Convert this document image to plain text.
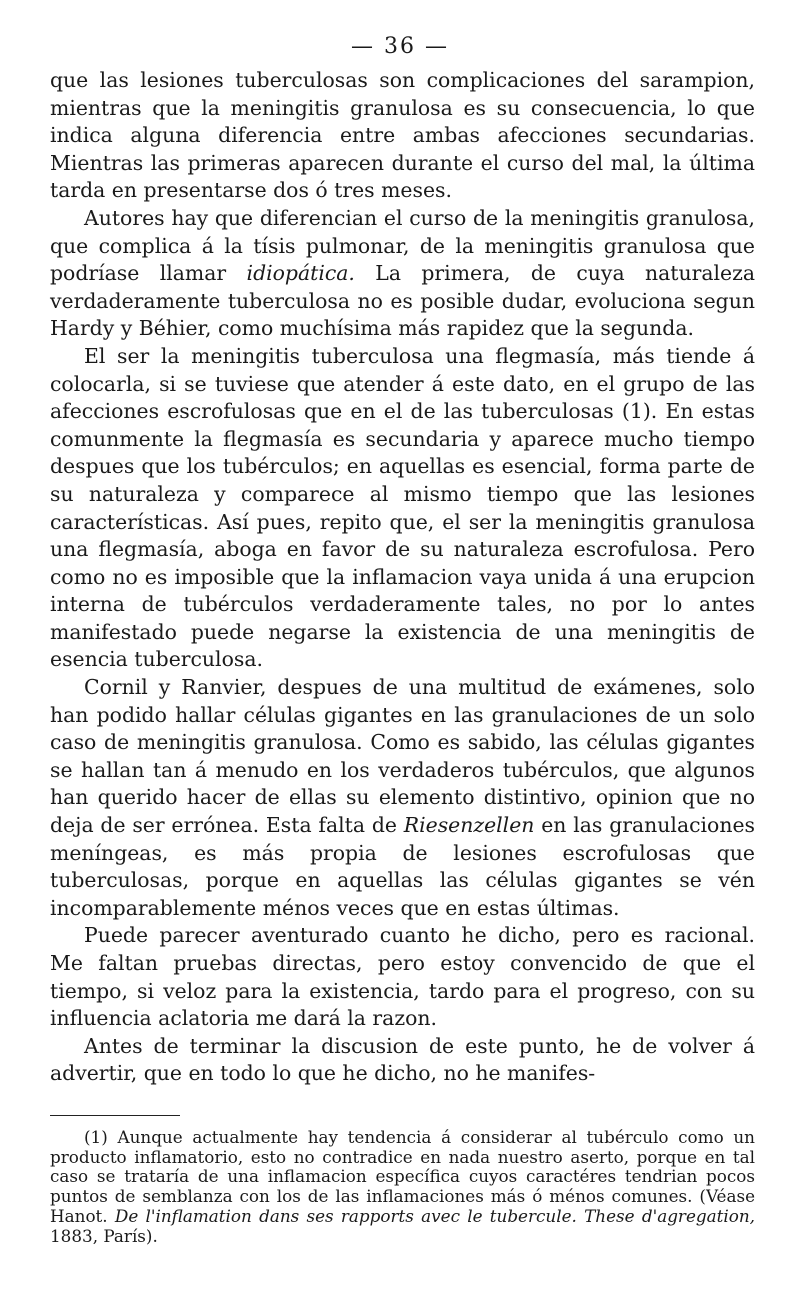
— 36 —

que las lesiones tuberculosas son complicaciones del sarampion, mientras que la meningitis granulosa es su consecuencia, lo que indica alguna diferencia entre ambas afecciones secundarias. Mientras las primeras aparecen durante el curso del mal, la última tarda en presentarse dos ó tres meses.

Autores hay que diferencian el curso de la meningitis granulosa, que complica á la tísis pulmonar, de la meningitis granulosa que podríase llamar idiopática. La primera, de cuya naturaleza verdaderamente tuberculosa no es posible dudar, evoluciona segun Hardy y Béhier, como muchísima más rapidez que la segunda.

El ser la meningitis tuberculosa una flegmasía, más tiende á colocarla, si se tuviese que atender á este dato, en el grupo de las afecciones escrofulosas que en el de las tuberculosas (1). En estas comunmente la flegmasía es secundaria y aparece mucho tiempo despues que los tubérculos; en aquellas es esencial, forma parte de su naturaleza y comparece al mismo tiempo que las lesiones características. Así pues, repito que, el ser la meningitis granulosa una flegmasía, aboga en favor de su naturaleza escrofulosa. Pero como no es imposible que la inflamacion vaya unida á una erupcion interna de tubérculos verdaderamente tales, no por lo antes manifestado puede negarse la existencia de una meningitis de esencia tuberculosa.

Cornil y Ranvier, despues de una multitud de exámenes, solo han podido hallar células gigantes en las granulaciones de un solo caso de meningitis granulosa. Como es sabido, las células gigantes se hallan tan á menudo en los verdaderos tubérculos, que algunos han querido hacer de ellas su elemento distintivo, opinion que no deja de ser errónea. Esta falta de Riesenzellen en las granulaciones meníngeas, es más propia de lesiones escrofulosas que tuberculosas, porque en aquellas las células gigantes se vén incomparablemente ménos veces que en estas últimas.

Puede parecer aventurado cuanto he dicho, pero es racional. Me faltan pruebas directas, pero estoy convencido de que el tiempo, si veloz para la existencia, tardo para el progreso, con su influencia aclatoria me dará la razon.

Antes de terminar la discusion de este punto, he de volver á advertir, que en todo lo que he dicho, no he manifes-

(1) Aunque actualmente hay tendencia á considerar al tubérculo como un producto inflamatorio, esto no contradice en nada nuestro aserto, porque en tal caso se trataría de una inflamacion específica cuyos caractéres tendrian pocos puntos de semblanza con los de las inflamaciones más ó ménos comunes. (Véase Hanot. De l'inflamation dans ses rapports avec le tubercule. These d'agregation, 1883, París).
